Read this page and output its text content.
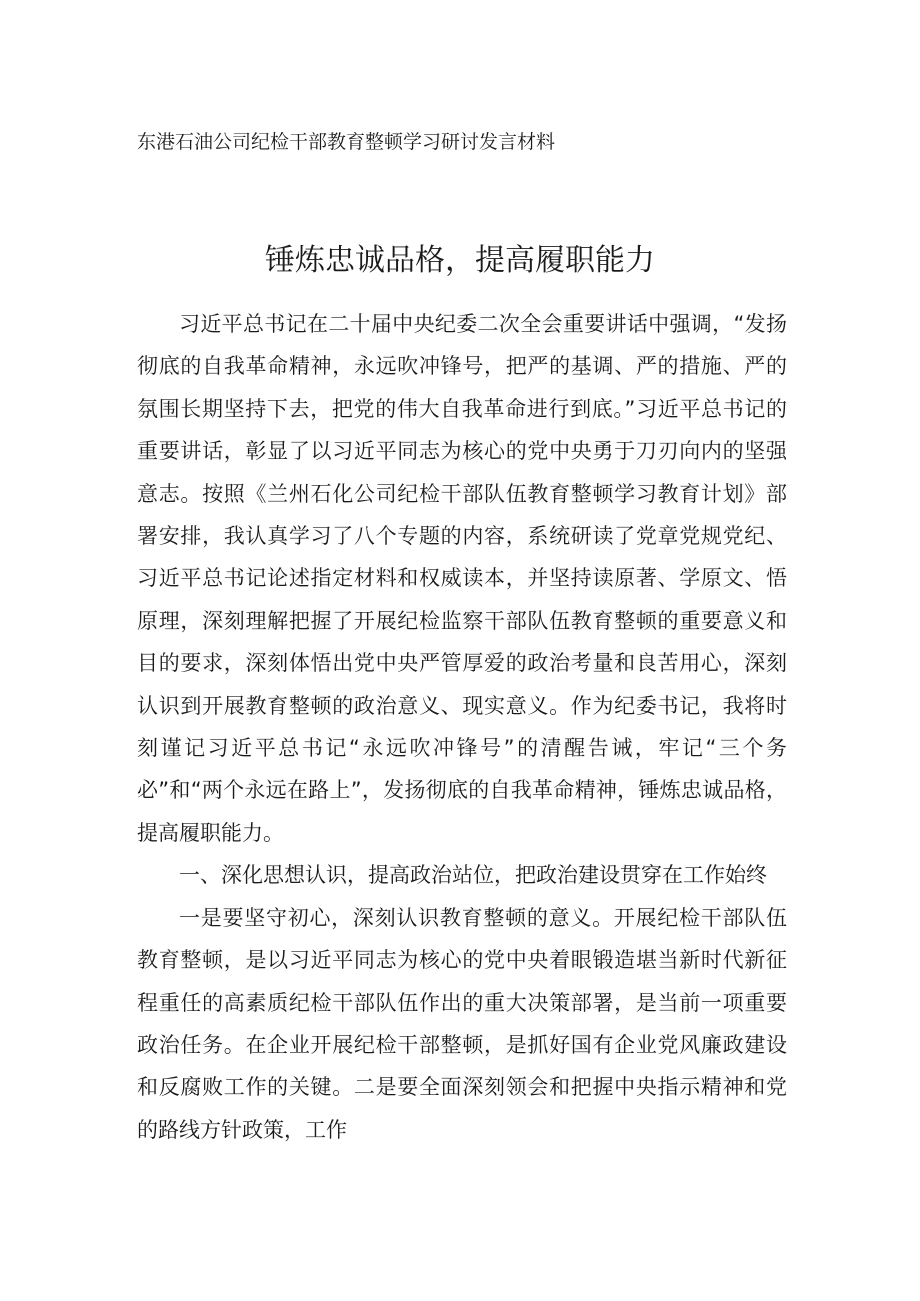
东港石油公司纪检干部教育整顿学习研讨发言材料
锤炼忠诚品格，提高履职能力

习近平总书记在二十届中央纪委二次全会重要讲话中强调，“发扬彻底的自我革命精神，永远吹冲锋号，把严的基调、严的措施、严的氛围长期坚持下去，把党的伟大自我革命进行到底。”习近平总书记的重要讲话，彰显了以习近平同志为核心的党中央勇于刀刃向内的坚强意志。按照《兰州石化公司纪检干部队伍教育整顿学习教育计划》部署安排，我认真学习了八个专题的内容，系统研读了党章党规党纪、习近平总书记论述指定材料和权威读本，并坚持读原著、学原文、悟原理，深刻理解把握了开展纪检监察干部队伍教育整顿的重要意义和目的要求，深刻体悟出党中央严管厚爱的政治考量和良苦用心，深刻认识到开展教育整顿的政治意义、现实意义。作为纪委书记，我将时刻谨记习近平总书记“永远吹冲锋号”的清醒告诫，牢记“三个务必”和“两个永远在路上”，发扬彻底的自我革命精神，锤炼忠诚品格，提高履职能力。

一、深化思想认识，提高政治站位，把政治建设贯穿在工作始终

一是要坚守初心，深刻认识教育整顿的意义。开展纪检干部队伍教育整顿，是以习近平同志为核心的党中央着眼锻造堪当新时代新征程重任的高素质纪检干部队伍作出的重大决策部署，是当前一项重要政治任务。在企业开展纪检干部整顿，是抓好国有企业党风廉政建设和反腐败工作的关键。二是要全面深刻领会和把握中央指示精神和党的路线方针政策，工作
